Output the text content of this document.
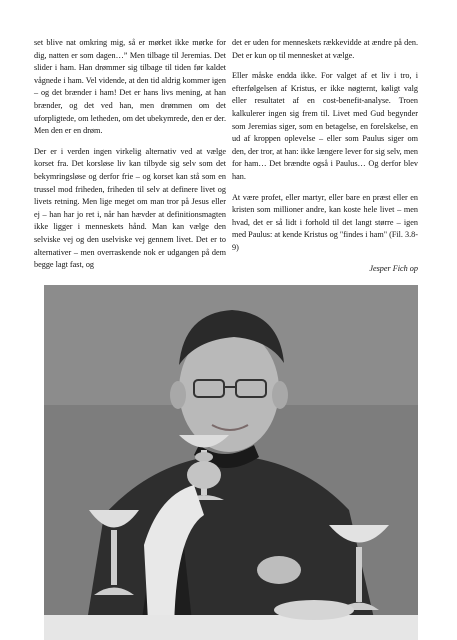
set blive nat omkring mig, så er mørket ikke mørke for dig, natten er som dagen…” Men tilbage til Jeremias. Det slider i ham. Han drømmer sig tilbage til tiden før kaldet vågnede i ham. Vel vidende, at den tid aldrig kommer igen – og det brænder i ham! Det er hans livs mening, at han brænder, og det ved han, men drømmen om det uforpligtede, om letheden, om det ubekymrede, den er der. Men den er en drøm.

Der er i verden ingen virkelig alternativ ved at vælge korset fra. Det korsløse liv kan tilbyde sig selv som det bekymringsløse og derfor frie – og korset kan stå som en trussel mod friheden, friheden til selv at definere livet og livets retning. Men lige meget om man tror på Jesus eller ej – han har jo ret i, når han hævder at definitionsmagten ikke ligger i menneskets hånd. Man kan vælge den selviske vej og den uselviske vej gennem livet. Det er to alternativer – men overraskende nok er udgangen på dem begge lagt fast, og

det er uden for menneskets rækkevidde at ændre på den. Det er kun op til mennesket at vælge.

Eller måske endda ikke. For valget af et liv i tro, i efterfølgelsen af Kristus, er ikke nøgternt, køligt valg eller resultatet af en cost-benefit-analyse. Troen kalkulerer ingen sig frem til. Livet med Gud begynder som Jeremias siger, som en betagelse, en forelskelse, en ud af kroppen oplevelse – eller som Paulus siger om den, der tror, at han: ikke længere lever for sig selv, men for ham… Det brændte også i Paulus… Og derfor blev han.

At være profet, eller martyr, eller bare en præst eller en kristen som millioner andre, kan koste hele livet – men hvad, det er så lidt i forhold til det langt større – igen med Paulus: at kende Kristus og "findes i ham" (Fil. 3.8-9)

Jesper Fich op
